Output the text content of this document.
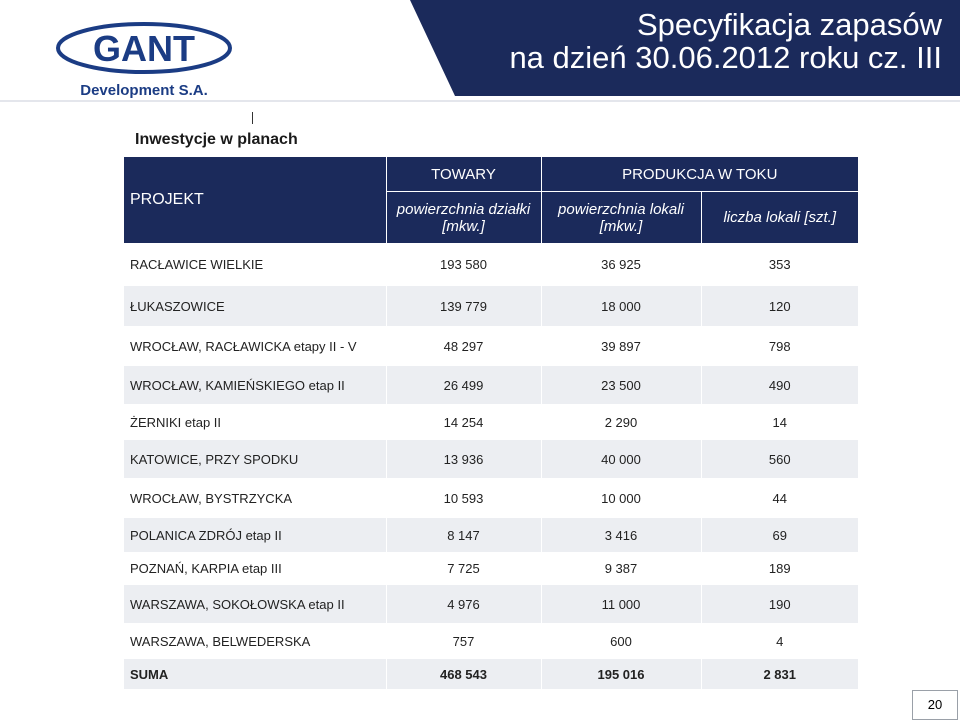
GANT
Development S.A.
Specyfikacja zapasów
na dzień 30.06.2012 roku cz. III
Inwestycje w planach
PROJEKT	TOWARY	PRODUKCJA W TOKU	
	powierzchnia działki [mkw.]	powierzchnia lokali [mkw.]	liczba lokali [szt.]
RACŁAWICE WIELKIE	193 580	36 925	353
ŁUKASZOWICE	139 779	18 000	120
WROCŁAW, RACŁAWICKA etapy II - V	48 297	39 897	798
WROCŁAW, KAMIEŃSKIEGO etap II	26 499	23 500	490
ŻERNIKI etap II	14 254	2 290	14
KATOWICE, PRZY SPODKU	13 936	40 000	560
WROCŁAW, BYSTRZYCKA	10 593	10 000	44
POLANICA ZDRÓJ etap II	8 147	3 416	69
POZNAŃ, KARPIA etap III	7 725	9 387	189
WARSZAWA, SOKOŁOWSKA etap II	4 976	11 000	190
WARSZAWA, BELWEDERSKA	757	600	4
SUMA	468 543	195 016	2 831
20
